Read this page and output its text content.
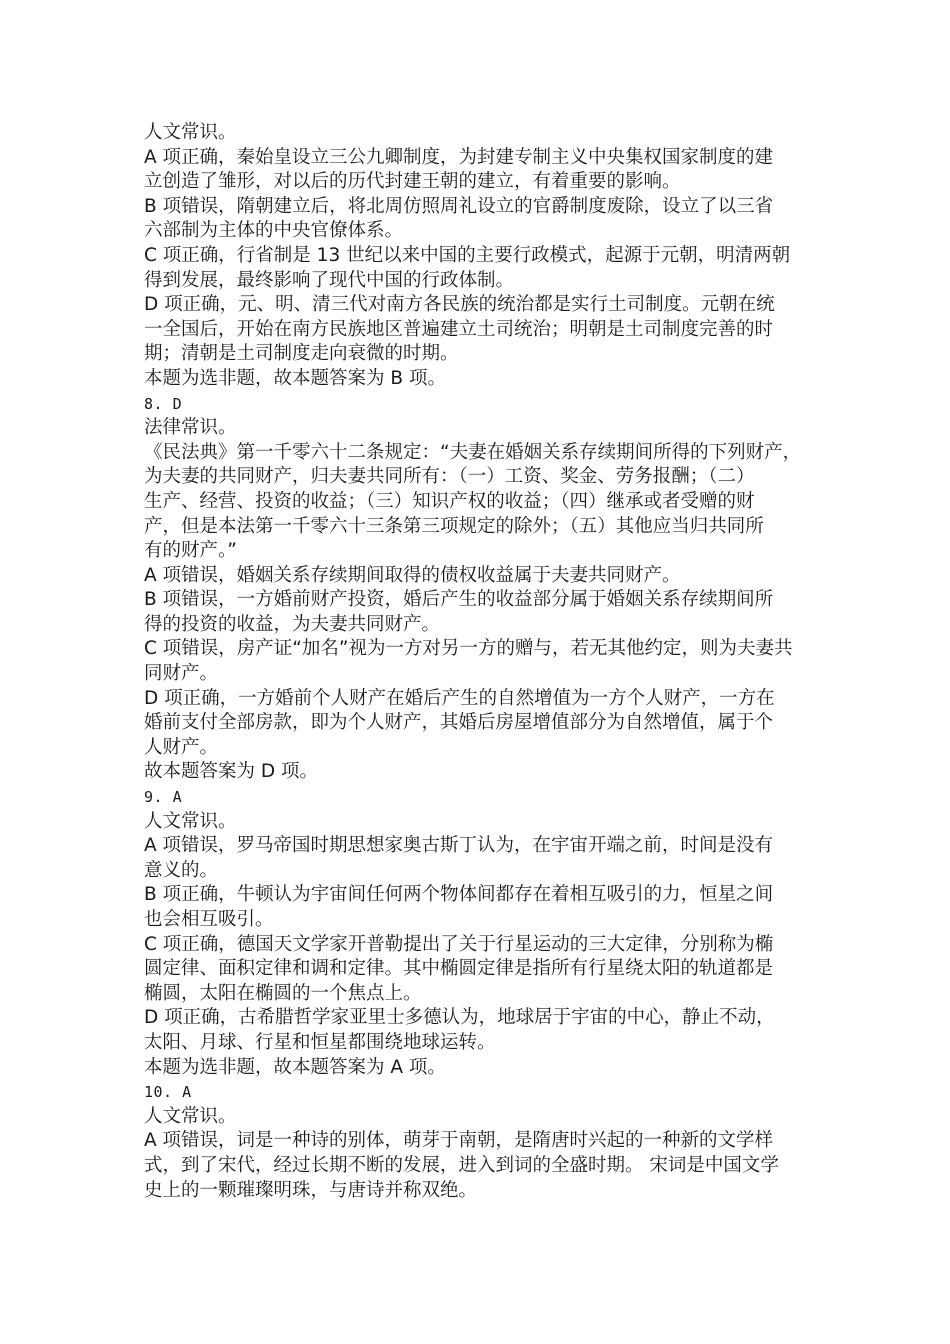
人文常识。
A 项正确，秦始皇设立三公九卿制度，为封建专制主义中央集权国家制度的建
立创造了雏形，对以后的历代封建王朝的建立，有着重要的影响。
B 项错误，隋朝建立后，将北周仿照周礼设立的官爵制度废除，设立了以三省
六部制为主体的中央官僚体系。
C 项正确，行省制是 13 世纪以来中国的主要行政模式，起源于元朝，明清两朝
得到发展，最终影响了现代中国的行政体制。
D 项正确，元、明、清三代对南方各民族的统治都是实行土司制度。元朝在统
一全国后，开始在南方民族地区普遍建立土司统治；明朝是土司制度完善的时
期；清朝是土司制度走向衰微的时期。
本题为选非题，故本题答案为 B 项。
8. D
法律常识。
《民法典》第一千零六十二条规定：“夫妻在婚姻关系存续期间所得的下列财产，
为夫妻的共同财产，归夫妻共同所有：（一）工资、奖金、劳务报酬；（二）
生产、经营、投资的收益；（三）知识产权的收益；（四）继承或者受赠的财
产，但是本法第一千零六十三条第三项规定的除外；（五）其他应当归共同所
有的财产。”
A 项错误，婚姻关系存续期间取得的债权收益属于夫妻共同财产。
B 项错误，一方婚前财产投资，婚后产生的收益部分属于婚姻关系存续期间所
得的投资的收益，为夫妻共同财产。
C 项错误，房产证“加名”视为一方对另一方的赠与，若无其他约定，则为夫妻共
同财产。
D 项正确，一方婚前个人财产在婚后产生的自然增值为一方个人财产，一方在
婚前支付全部房款，即为个人财产，其婚后房屋增值部分为自然增值，属于个
人财产。
故本题答案为 D 项。
9. A
人文常识。
A 项错误，罗马帝国时期思想家奥古斯丁认为，在宇宙开端之前，时间是没有
意义的。
B 项正确，牛顿认为宇宙间任何两个物体间都存在着相互吸引的力，恒星之间
也会相互吸引。
C 项正确，德国天文学家开普勒提出了关于行星运动的三大定律，分别称为椭
圆定律、面积定律和调和定律。其中椭圆定律是指所有行星绕太阳的轨道都是
椭圆，太阳在椭圆的一个焦点上。
D 项正确，古希腊哲学家亚里士多德认为，地球居于宇宙的中心，静止不动，
太阳、月球、行星和恒星都围绕地球运转。
本题为选非题，故本题答案为 A 项。
10. A
人文常识。
A 项错误，词是一种诗的别体，萌芽于南朝，是隋唐时兴起的一种新的文学样
式，到了宋代，经过长期不断的发展，进入到词的全盛时期。 宋词是中国文学
史上的一颗璀璨明珠，与唐诗并称双绝。
